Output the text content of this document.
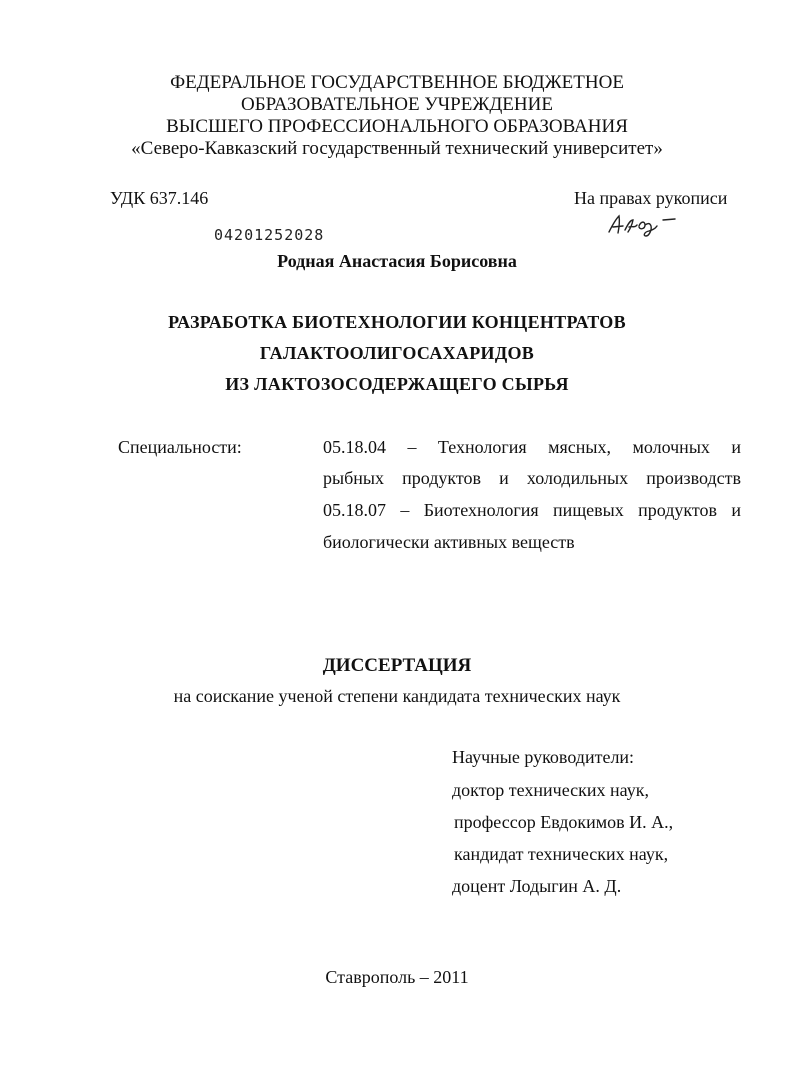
ФЕДЕРАЛЬНОЕ ГОСУДАРСТВЕННОЕ БЮДЖЕТНОЕ
ОБРАЗОВАТЕЛЬНОЕ УЧРЕЖДЕНИЕ
ВЫСШЕГО ПРОФЕССИОНАЛЬНОГО ОБРАЗОВАНИЯ
«Северо-Кавказский государственный технический университет»
УДК 637.146	На правах рукописи
04201252028
Родная Анастасия Борисовна
РАЗРАБОТКА БИОТЕХНОЛОГИИ КОНЦЕНТРАТОВ
ГАЛАКТООЛИГОСАХАРИДОВ
ИЗ ЛАКТОЗОСОДЕРЖАЩЕГО СЫРЬЯ
Специальности:	05.18.04 – Технология мясных, молочных и
рыбных продуктов и холодильных производств
05.18.07 – Биотехнология пищевых продуктов и
биологически активных веществ
ДИССЕРТАЦИЯ
на соискание ученой степени кандидата технических наук
Научные руководители:
доктор технических наук,
профессор Евдокимов И. А.,
кандидат технических наук,
доцент Лодыгин А. Д.
Ставрополь – 2011
